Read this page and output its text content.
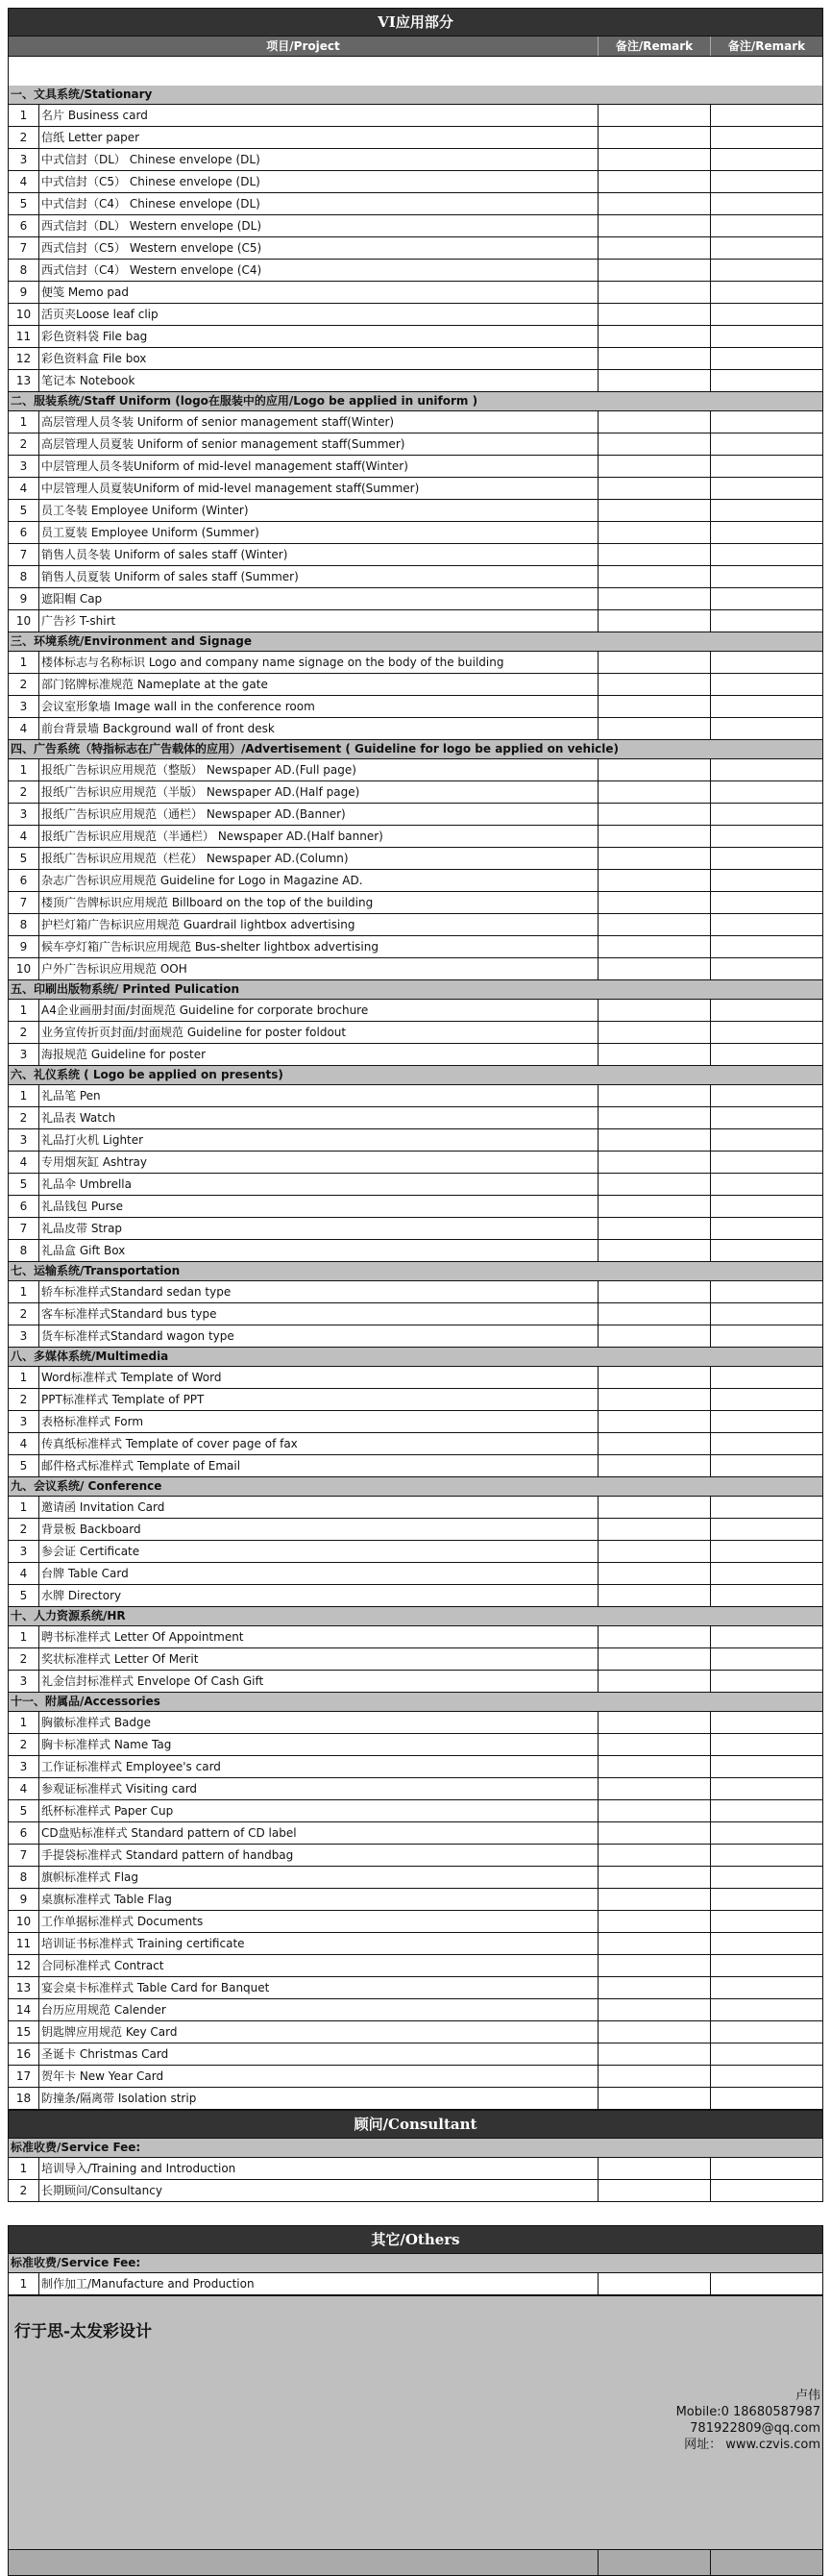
VI应用部分
项目/Project	备注/Remark	备注/Remark
一、文具系统/Stationary
1	名片 Business card
2	信纸 Letter paper
3	中式信封（DL） Chinese envelope (DL)
4	中式信封（C5） Chinese envelope (DL)
5	中式信封（C4） Chinese envelope (DL)
6	西式信封（DL） Western envelope (DL)
7	西式信封（C5） Western envelope (C5)
8	西式信封（C4） Western envelope (C4)
9	便笺 Memo pad
10 活页夹Loose leaf clip
11 彩色资料袋 File bag
12 彩色资料盒 File box
13 笔记本 Notebook
二、服装系统/Staff Uniform (logo在服装中的应用/Logo be applied in uniform )
1	高层管理人员冬装 Uniform of senior management staff(Winter)
2	高层管理人员夏装 Uniform of senior management staff(Summer)
3	中层管理人员冬装Uniform of mid-level management staff(Winter)
4	中层管理人员夏装Uniform of mid-level management staff(Summer)
5	员工冬装 Employee Uniform (Winter)
6	员工夏装 Employee Uniform (Summer)
7	销售人员冬装 Uniform of sales staff (Winter)
8	销售人员夏装 Uniform of sales staff (Summer)
9	遮阳帽 Cap
10 广告衫 T-shirt
三、环境系统/Environment and Signage
1	楼体标志与名称标识 Logo and company name signage on the body of the building
2	部门铭牌标准规范 Nameplate at the gate
3	会议室形象墙 Image wall in the conference room
4	前台背景墙 Background wall of front desk
四、广告系统（特指标志在广告载体的应用）/Advertisement ( Guideline for logo be applied on vehicle)
1	报纸广告标识应用规范（整版） Newspaper AD.(Full page)
2	报纸广告标识应用规范（半版） Newspaper AD.(Half page)
3	报纸广告标识应用规范（通栏） Newspaper AD.(Banner)
4	报纸广告标识应用规范（半通栏） Newspaper AD.(Half banner)
5	报纸广告标识应用规范（栏花） Newspaper AD.(Column)
6	杂志广告标识应用规范 Guideline for Logo in Magazine AD.
7	楼顶广告牌标识应用规范 Billboard on the top of the building
8	护栏灯箱广告标识应用规范 Guardrail lightbox advertising
9	候车亭灯箱广告标识应用规范 Bus-shelter lightbox advertising
10 户外广告标识应用规范 OOH
五、印刷出版物系统/ Printed Pulication
1	A4企业画册封面/封面规范 Guideline for corporate brochure
2	业务宣传折页封面/封面规范 Guideline for poster foldout
3	海报规范 Guideline for poster
六、礼仪系统 ( Logo be applied on presents)
1	礼品笔 Pen
2	礼品表 Watch
3	礼品打火机 Lighter
4	专用烟灰缸 Ashtray
5	礼品伞 Umbrella
6	礼品钱包 Purse
7	礼品皮带 Strap
8	礼品盒 Gift Box
七、运输系统/Transportation
1	轿车标准样式Standard sedan type
2	客车标准样式Standard bus type
3	货车标准样式Standard wagon type
八、多媒体系统/Multimedia
1	Word标准样式 Template of Word
2	PPT标准样式 Template of PPT
3	表格标准样式 Form
4	传真纸标准样式 Template of cover page of fax
5	邮件格式标准样式 Template of Email
九、会议系统/ Conference
1	邀请函 Invitation Card
2	背景板 Backboard
3	参会证 Certificate
4	台牌 Table Card
5	水牌 Directory
十、人力资源系统/HR
1	聘书标准样式 Letter Of Appointment
2	奖状标准样式 Letter Of Merit
3	礼金信封标准样式 Envelope Of Cash Gift
十一、附属品/Accessories
1	胸徽标准样式 Badge
2	胸卡标准样式 Name Tag
3	工作证标准样式 Employee's card
4	参观证标准样式 Visiting card
5	纸杯标准样式 Paper Cup
6	CD盘贴标准样式 Standard pattern of CD label
7	手提袋标准样式 Standard pattern of handbag
8	旗帜标准样式 Flag
9	桌旗标准样式 Table Flag
10 工作单据标准样式 Documents
11 培训证书标准样式 Training certificate
12 合同标准样式 Contract
13 宴会桌卡标准样式 Table Card for Banquet
14 台历应用规范 Calender
15 钥匙牌应用规范 Key Card
16 圣诞卡 Christmas Card
17 贺年卡 New Year Card
18 防撞条/隔离带 Isolation strip
顾问/Consultant
标准收费/Service Fee:
1	培训导入/Training and Introduction
2	长期顾问/Consultancy
其它/Others
标准收费/Service Fee:
1	制作加工/Manufacture and Production
行于思-太发彩设计
卢伟
Mobile:0 18680587987
781922809@qq.com
网址： www.czvis.com
